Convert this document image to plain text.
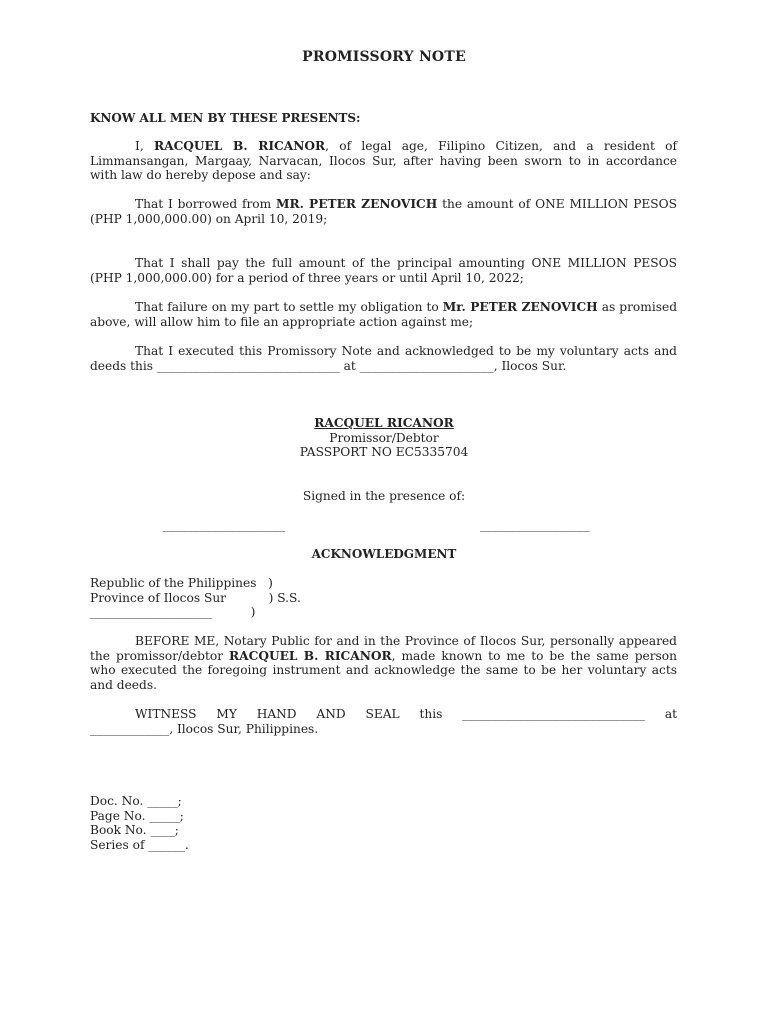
PROMISSORY NOTE
KNOW ALL MEN BY THESE PRESENTS:
I, RACQUEL B. RICANOR, of legal age, Filipino Citizen, and a resident of Limmansangan, Margaay, Narvacan, Ilocos Sur, after having been sworn to in accordance with law do hereby depose and say:
That I borrowed from MR. PETER ZENOVICH the amount of ONE MILLION PESOS (PHP 1,000,000.00) on April 10, 2019;
That I shall pay the full amount of the principal amounting ONE MILLION PESOS (PHP 1,000,000.00) for a period of three years or until April 10, 2022;
That failure on my part to settle my obligation to Mr. PETER ZENOVICH as promised above, will allow him to file an appropriate action against me;
That I executed this Promissory Note and acknowledged to be my voluntary acts and
deeds this ______________________________ at ______________________, Ilocos Sur.
RACQUEL RICANOR
Promissor/Debtor
PASSPORT NO EC5335704
Signed in the presence of:
____________________	__________________
ACKNOWLEDGMENT
Republic of the Philippines   )
Province of Ilocos Sur           ) S.S.
____________________          )
BEFORE ME, Notary Public for and in the Province of Ilocos Sur, personally appeared the promissor/debtor RACQUEL B. RICANOR, made known to me to be the same person who executed the foregoing instrument and acknowledge the same to be her voluntary acts and deeds.
WITNESS MY HAND AND SEAL this ______________________________ at
_____________, Ilocos Sur, Philippines.
Doc. No. _____;
Page No. _____;
Book No. ____;
Series of ______.
